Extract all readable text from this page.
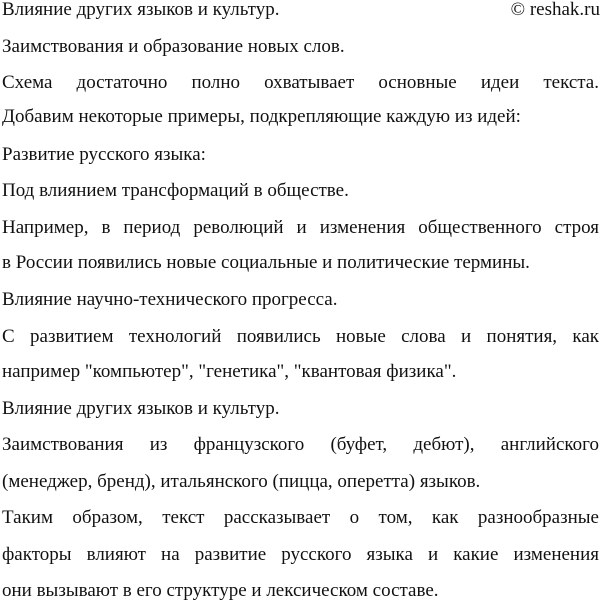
© reshak.ru
Влияние других языков и культур.
Заимствования и образование новых слов.
Схема достаточно полно охватывает основные идеи текста.
Добавим некоторые примеры, подкрепляющие каждую из идей:
Развитие русского языка:
Под влиянием трансформаций в обществе.
Например, в период революций и изменения общественного строя
в России появились новые социальные и политические термины.
Влияние научно-технического прогресса.
С развитием технологий появились новые слова и понятия, как
например "компьютер", "генетика", "квантовая физика".
Влияние других языков и культур.
Заимствования из французского (буфет, дебют), английского
(менеджер, бренд), итальянского (пицца, оперетта) языков.
Таким образом, текст рассказывает о том, как разнообразные
факторы влияют на развитие русского языка и какие изменения
они вызывают в его структуре и лексическом составе.
